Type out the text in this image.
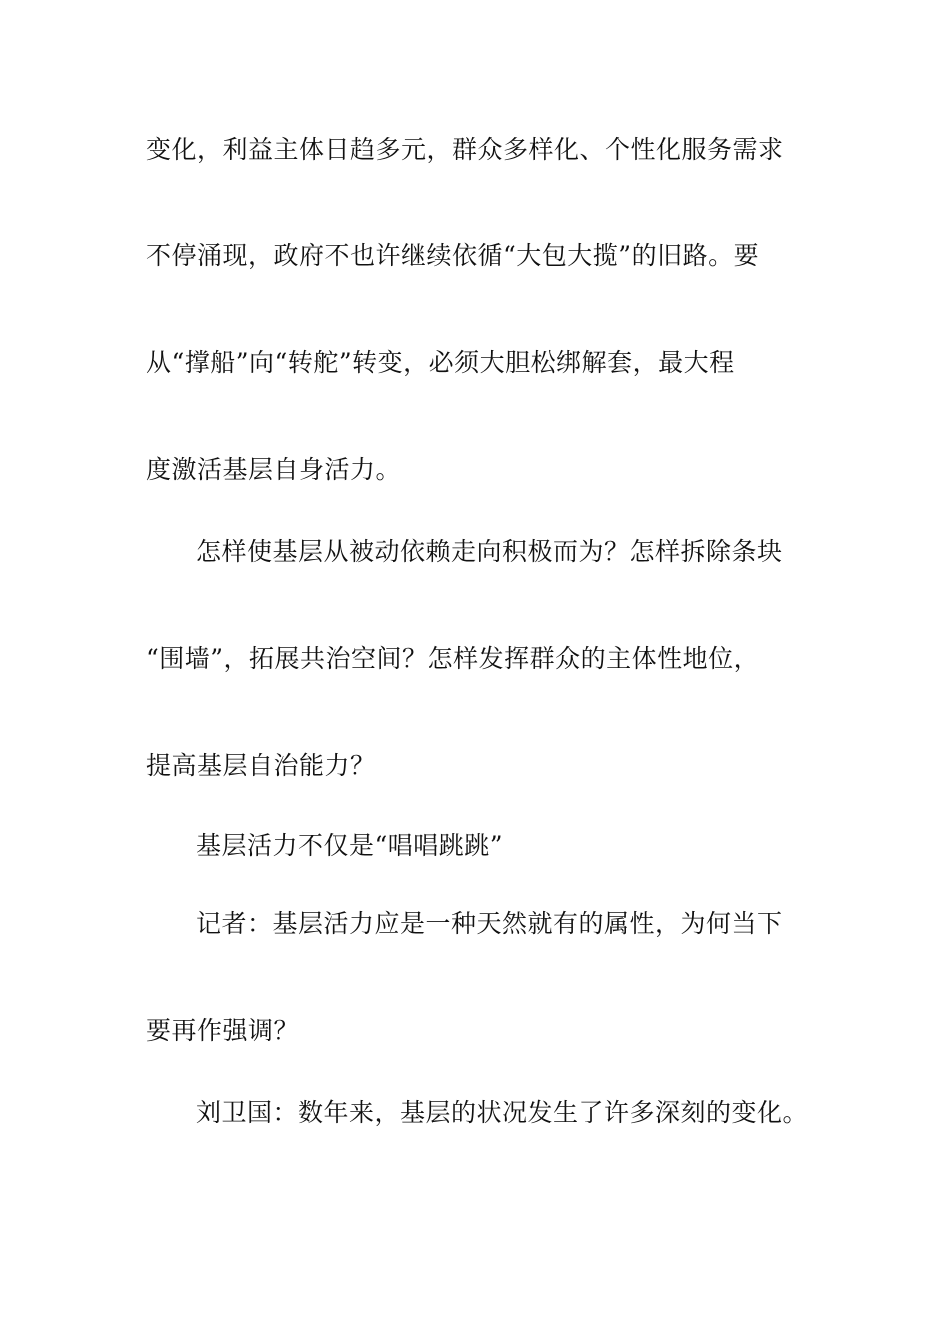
变化，利益主体日趋多元，群众多样化、个性化服务需求
不停涌现，政府不也许继续依循“大包大揽”的旧路。要
从“撑船”向“转舵”转变，必须大胆松绑解套，最大程
度激活基层自身活力。
怎样使基层从被动依赖走向积极而为？怎样拆除条块
“围墙”，拓展共治空间？怎样发挥群众的主体性地位，
提高基层自治能力？
基层活力不仅是“唱唱跳跳”
记者：基层活力应是一种天然就有的属性，为何当下
要再作强调？
刘卫国：数年来，基层的状况发生了许多深刻的变化。
